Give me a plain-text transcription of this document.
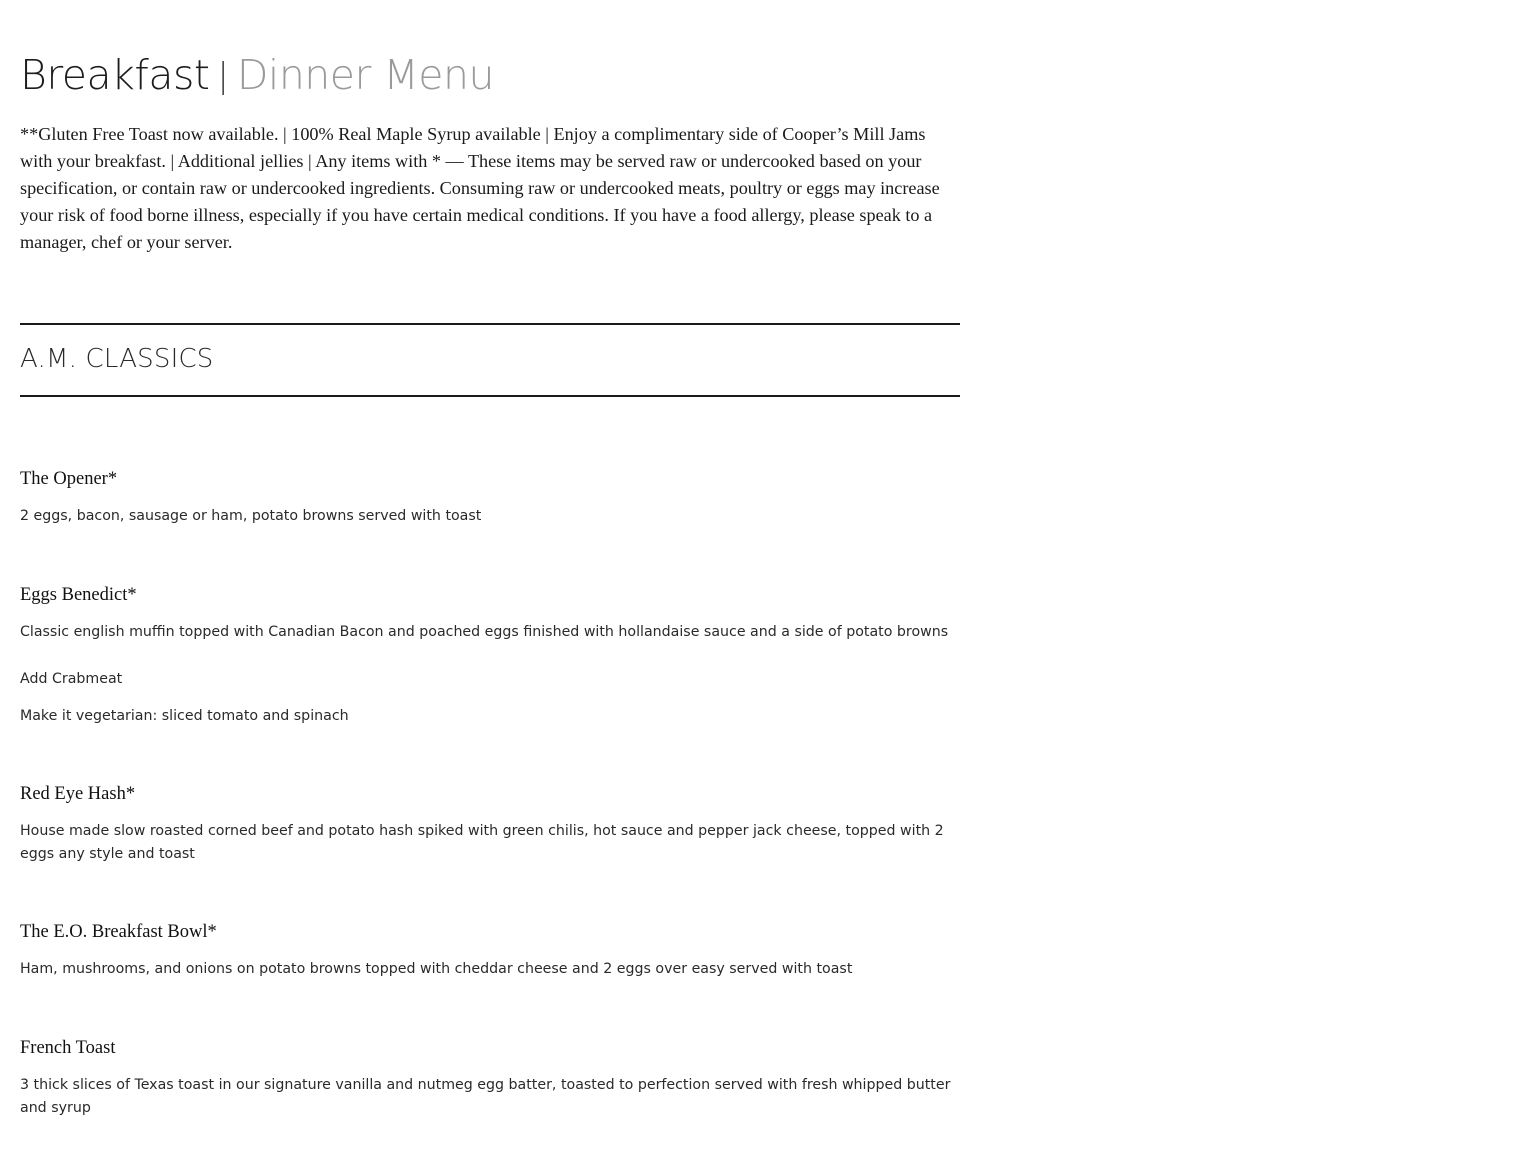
Breakfast | Dinner Menu

**Gluten Free Toast now available. | 100% Real Maple Syrup available | Enjoy a complimentary side of Cooper’s Mill Jams with your breakfast. | Additional jellies | Any items with * — These items may be served raw or undercooked based on your specification, or contain raw or undercooked ingredients. Consuming raw or undercooked meats, poultry or eggs may increase your risk of food borne illness, especially if you have certain medical conditions. If you have a food allergy, please speak to a manager, chef or your server.

A.M. CLASSICS

The Opener*

2 eggs, bacon, sausage or ham, potato browns served with toast

Eggs Benedict*

Classic english muffin topped with Canadian Bacon and poached eggs finished with hollandaise sauce and a side of potato browns

Add Crabmeat

Make it vegetarian: sliced tomato and spinach

Red Eye Hash*

House made slow roasted corned beef and potato hash spiked with green chilis, hot sauce and pepper jack cheese, topped with 2 eggs any style and toast

The E.O. Breakfast Bowl*

Ham, mushrooms, and onions on potato browns topped with cheddar cheese and 2 eggs over easy served with toast

French Toast

3 thick slices of Texas toast in our signature vanilla and nutmeg egg batter, toasted to perfection served with fresh whipped butter and syrup
